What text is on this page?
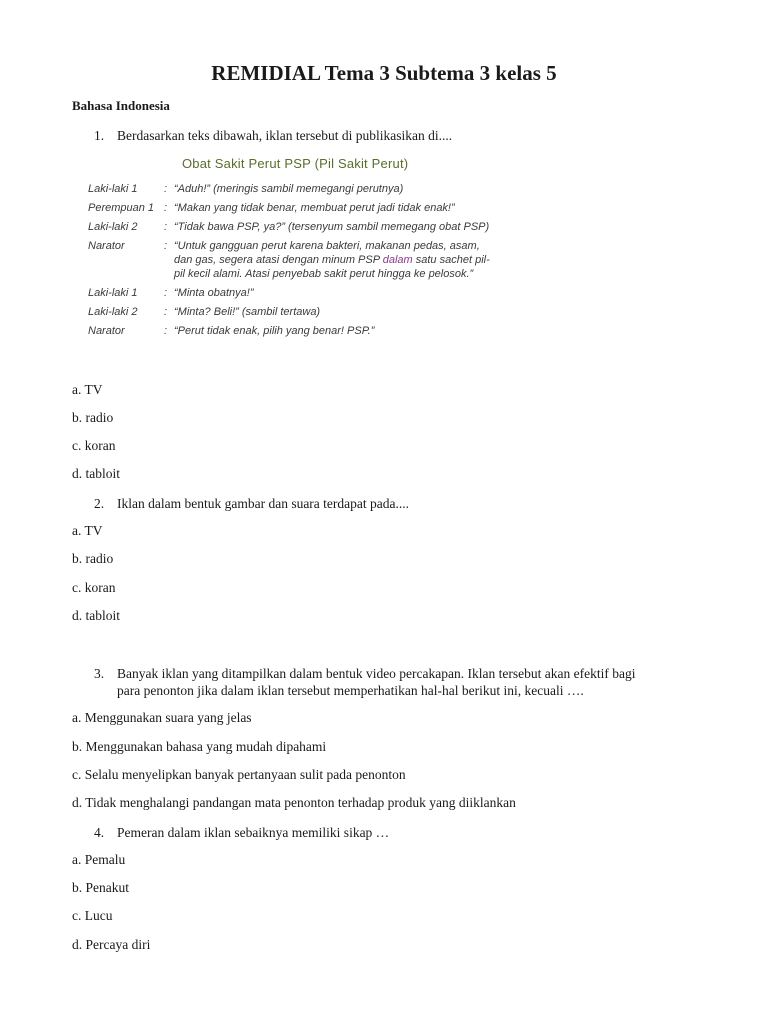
REMIDIAL Tema 3 Subtema 3 kelas 5
Bahasa Indonesia
1. Berdasarkan teks dibawah, iklan tersebut di publikasikan di....
Obat Sakit Perut PSP (Pil Sakit Perut)
Laki-laki 1 : “Aduh!” (meringis sambil memegangi perutnya)
Perempuan 1 : “Makan yang tidak benar, membuat perut jadi tidak enak!”
Laki-laki 2 : “Tidak bawa PSP, ya?” (tersenyum sambil memegang obat PSP)
Narator	: “Untuk gangguan perut karena bakteri, makanan pedas, asam,
dan gas, segera atasi dengan minum PSP dalam satu sachet pil-
pil kecil alami. Atasi penyebab sakit perut hingga ke pelosok.”
Laki-laki 1 : “Minta obatnya!”
Laki-laki 2 : “Minta? Beli!” (sambil tertawa)
Narator	: “Perut tidak enak, pilih yang benar! PSP.”
a. TV
b. radio
c. koran
d. tabloit
2. Iklan dalam bentuk gambar dan suara terdapat pada....
a. TV
b. radio
c. koran
d. tabloit
3. Banyak iklan yang ditampilkan dalam bentuk video percakapan. Iklan tersebut akan efektif bagi
para penonton jika dalam iklan tersebut memperhatikan hal-hal berikut ini, kecuali ….
a. Menggunakan suara yang jelas
b. Menggunakan bahasa yang mudah dipahami
c. Selalu menyelipkan banyak pertanyaan sulit pada penonton
d. Tidak menghalangi pandangan mata penonton terhadap produk yang diiklankan
4. Pemeran dalam iklan sebaiknya memiliki sikap …
a. Pemalu
b. Penakut
c. Lucu
d. Percaya diri
